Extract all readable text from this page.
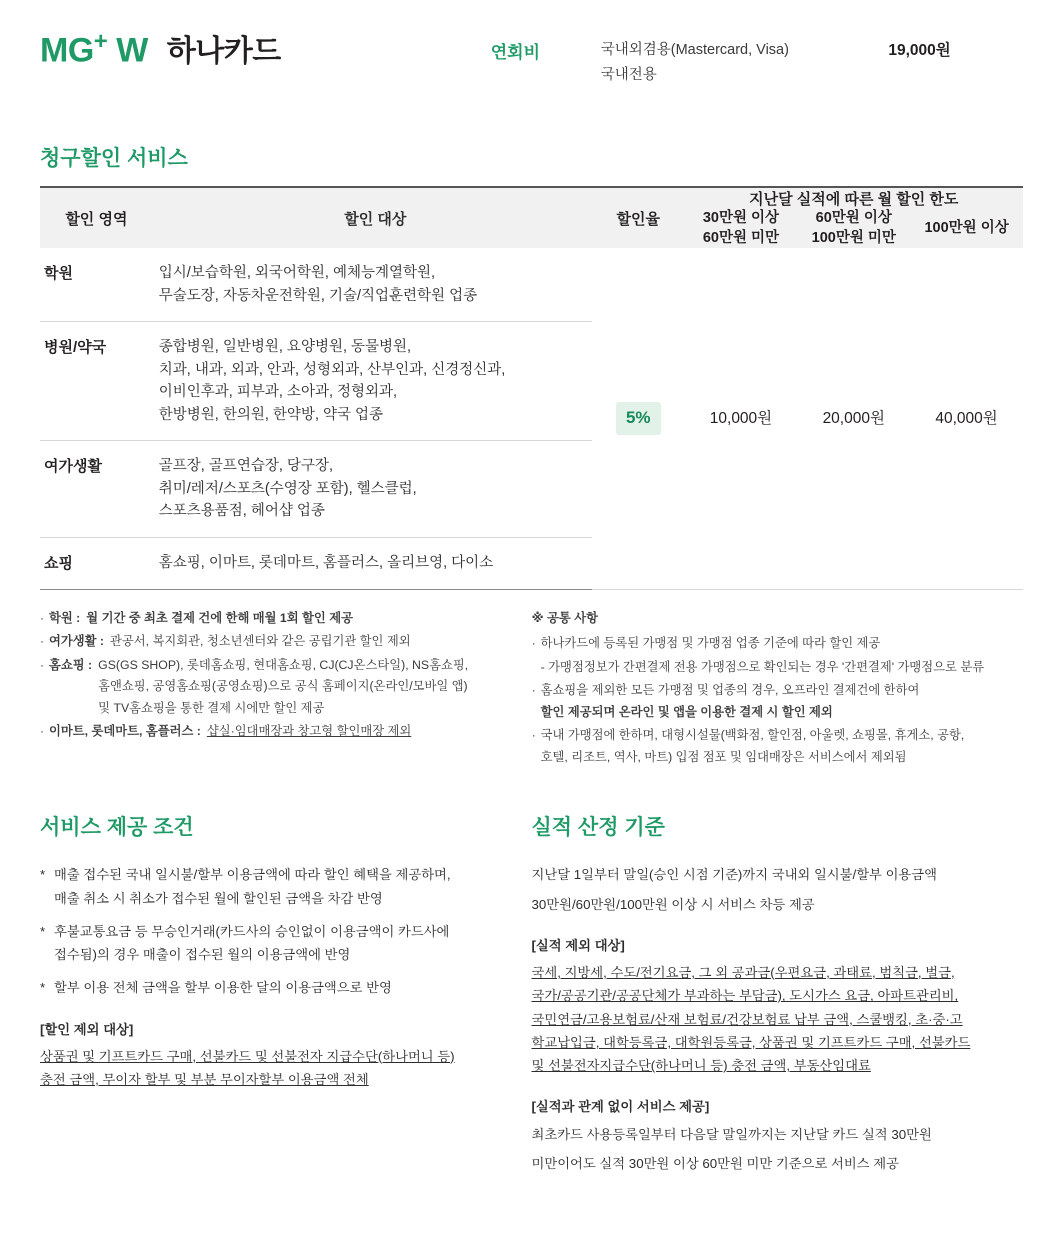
MG+ W 하나카드	연회비	국내외겸용(Mastercard, Visa)
국내전용
19,000원
청구할인 서비스
할인 영역	할인 대상	할인율	지난달 실적에 따른 월 할인 한도		

30만원 이상
60만원 미만

60만원 이상
100만원 미만

100만원 이상

학원	입시/보습학원, 외국어학원, 예체능계열학원,
무술도장, 자동차운전학원, 기술/직업훈련학원 업종	5%	10,000원	20,000원	40,000원
병원/약국	종합병원, 일반병원, 요양병원, 동물병원,
치과, 내과, 외과, 안과, 성형외과, 산부인과, 신경정신과,
이비인후과, 피부과, 소아과, 정형외과,
한방병원, 한의원, 한약방, 약국 업종				

여가생활	골프장, 골프연습장, 당구장,
취미/레저/스포츠(수영장 포함), 헬스클럽,
스포츠용품점, 헤어샵 업종				

쇼핑	홈쇼핑, 이마트, 롯데마트, 홈플러스, 올리브영, 다이소				
· 학원 : 월 기간 중 최초 결제 건에 한해 매월 1회 할인 제공
· 여가생활 : 관공서, 복지회관, 청소년센터와 같은 공립기관 할인 제외
· 홈쇼핑 : GS(GS SHOP), 롯데홈쇼핑, 현대홈쇼핑, CJ(CJ온스타일), NS홈쇼핑,
홈앤쇼핑, 공영홈쇼핑(공영쇼핑)으로 공식 홈페이지(온라인/모바일 앱)
및 TV홈쇼핑을 통한 결제 시에만 할인 제공
· 이마트, 롯데마트, 홈플러스 : 샵실·임대매장과 창고형 할인매장 제외
※ 공통 사항
· 하나카드에 등록된 가맹점 및 가맹점 업종 기준에 따라 할인 제공

- 가맹점정보가 간편결제 전용 가맹점으로 확인되는 경우 '간편결제' 가맹점으로 분류
· 홈쇼핑을 제외한 모든 가맹점 및 업종의 경우, 오프라인 결제건에 한하여
할인 제공되며 온라인 및 앱을 이용한 결제 시 할인 제외
· 국내 가맹점에 한하며, 대형시설물(백화점, 할인점, 아울렛, 쇼핑몰, 휴게소, 공항,
호텔, 리조트, 역사, 마트) 입점 점포 및 임대매장은 서비스에서 제외됨
서비스 제공 조건
* 매출 접수된 국내 일시불/할부 이용금액에 따라 할인 혜택을 제공하며,
매출 취소 시 취소가 접수된 월에 할인된 금액을 차감 반영
* 후불교통요금 등 무승인거래(카드사의 승인없이 이용금액이 카드사에
접수됨)의 경우 매출이 접수된 월의 이용금액에 반영
* 할부 이용 전체 금액을 할부 이용한 달의 이용금액으로 반영
[할인 제외 대상]
상품권 및 기프트카드 구매, 선불카드 및 선불전자 지급수단(하나머니 등)
충전 금액, 무이자 할부 및 부분 무이자할부 이용금액 전체
실적 산정 기준

지난달 1일부터 말일(승인 시점 기준)까지 국내외 일시불/할부 이용금액

30만원/60만원/100만원 이상 시 서비스 차등 제공

[실적 제외 대상]
국세, 지방세, 수도/전기요금, 그 외 공과금(우편요금, 과태료, 범칙금, 벌금,
국가/공공기관/공공단체가 부과하는 부담금), 도시가스 요금, 아파트관리비,
국민연금/고용보험료/산재 보험료/건강보험료 납부 금액, 스쿨뱅킹, 초·중·고
학교납입금, 대학등록금, 대학원등록금, 상품권 및 기프트카드 구매, 선불카드
및 선불전자지급수단(하나머니 등) 충전 금액, 부동산임대료
[실적과 관계 없이 서비스 제공]

최초카드 사용등록일부터 다음달 말일까지는 지난달 카드 실적 30만원

미만이어도 실적 30만원 이상 60만원 미만 기준으로 서비스 제공
